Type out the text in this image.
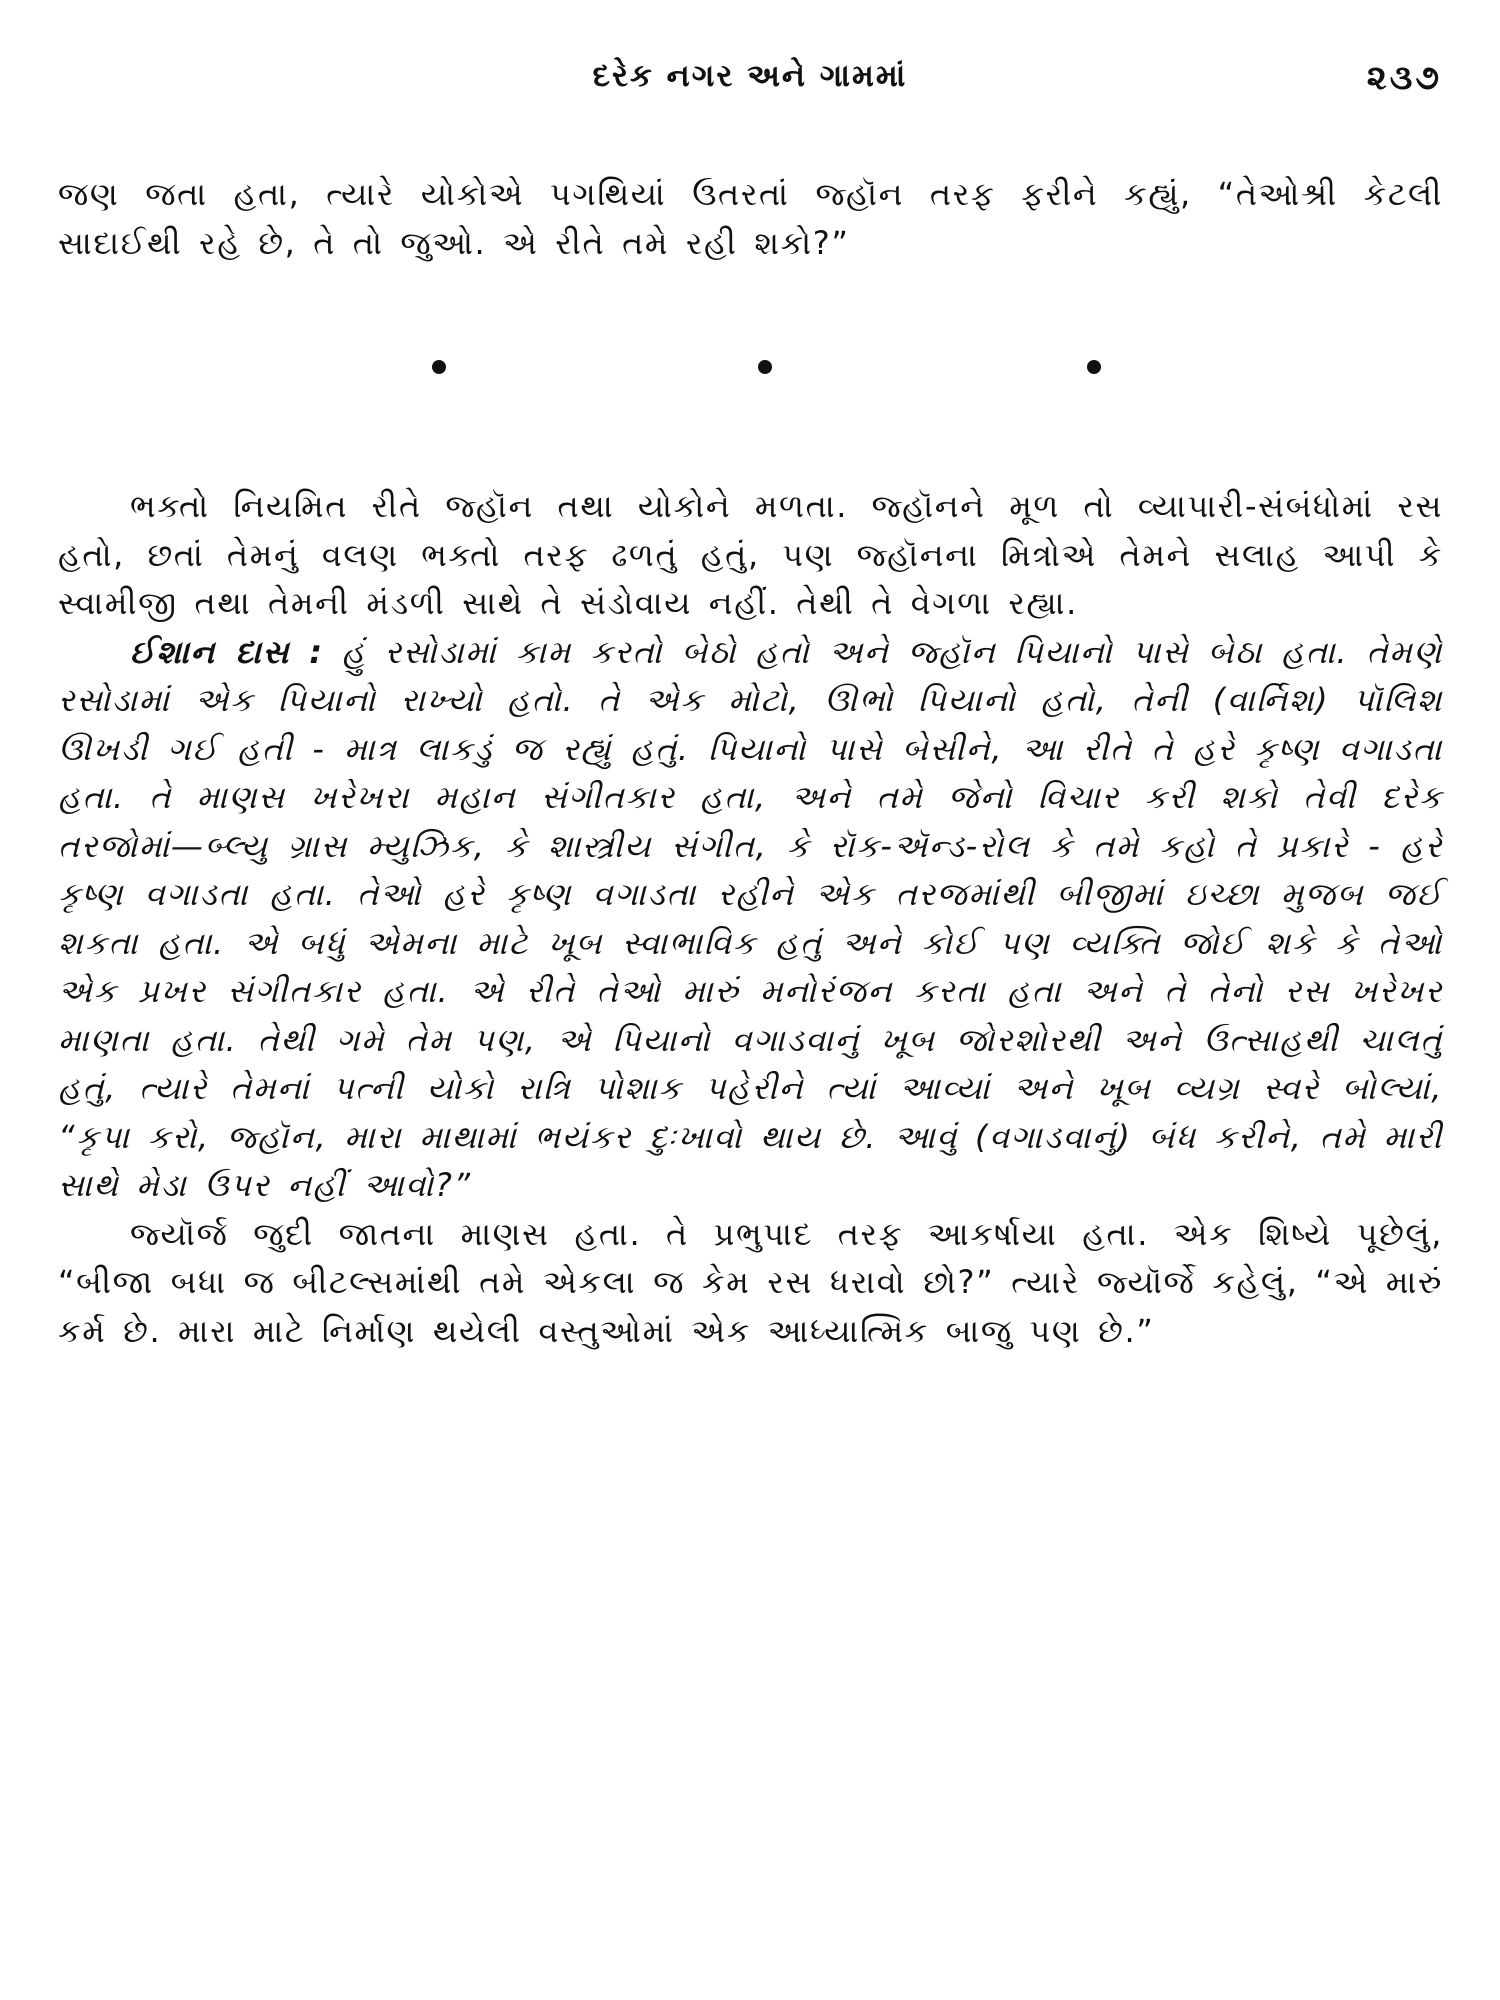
દરેક નગર અને ગામમાં	૨૩૭

જણ જતા હતા, ત્યારે યોકોએ પગથિયાં ઉતરતાં જ્હૉન તરફ ફરીને કહ્યું, “તેઓશ્રી કેટલી સાદાઈથી રહે છે, તે તો જુઓ. એ રીતે તમે રહી શકો?”

ભક્તો નિયમિત રીતે જ્હૉન તથા યોકોને મળતા. જ્હૉનને મૂળ તો વ્યાપારી-સંબંધોમાં રસ હતો, છતાં તેમનું વલણ ભક્તો તરફ ઢળતું હતું, પણ જ્હૉનના મિત્રોએ તેમને સલાહ આપી કે સ્વામીજી તથા તેમની મંડળી સાથે તે સંડોવાય નહીં. તેથી તે વેગળા રહ્યા.

ઈશાન દાસ : હું રસોડામાં કામ કરતો બેઠો હતો અને જ્હૉન પિયાનો પાસે બેઠા હતા. તેમણે રસોડામાં એક પિયાનો રાખ્યો હતો. તે એક મોટો, ઊભો પિયાનો હતો, તેની (વાર્નિશ) પૉલિશ ઊખડી ગઈ હતી - માત્ર લાકડું જ રહ્યું હતું. પિયાનો પાસે બેસીને, આ રીતે તે હરે કૃષ્ણ વગાડતા હતા. તે માણસ ખરેખરા મહાન સંગીતકાર હતા, અને તમે જેનો વિચાર કરી શકો તેવી દરેક તરજોમાં—બ્લ્યુ ગ્રાસ મ્યુઝિક, કે શાસ્ત્રીય સંગીત, કે રૉક-ઍન્ડ-રોલ કે તમે કહો તે પ્રકારે - હરે કૃષ્ણ વગાડતા હતા. તેઓ હરે કૃષ્ણ વગાડતા રહીને એક તરજમાંથી બીજીમાં ઇચ્છા મુજબ જઈ શકતા હતા. એ બધું એમના માટે ખૂબ સ્વાભાવિક હતું અને કોઈ પણ વ્યક્તિ જોઈ શકે કે તેઓ એક પ્રખર સંગીતકાર હતા. એ રીતે તેઓ મારું મનોરંજન કરતા હતા અને તે તેનો રસ ખરેખર માણતા હતા. તેથી ગમે તેમ પણ, એ પિયાનો વગાડવાનું ખૂબ જોરશોરથી અને ઉત્સાહથી ચાલતું હતું, ત્યારે તેમનાં પત્ની યોકો રાત્રિ પોશાક પહેરીને ત્યાં આવ્યાં અને ખૂબ વ્યગ્ર સ્વરે બોલ્યાં, “કૃપા કરો, જ્હૉન, મારા માથામાં ભયંકર દુઃખાવો થાય છે. આવું (વગાડવાનું) બંધ કરીને, તમે મારી સાથે મેડા ઉપર નહીં આવો?”

જ્યૉર્જ જુદી જાતના માણસ હતા. તે પ્રભુપાદ તરફ આકર્ષાયા હતા. એક શિષ્યે પૂછેલું, “બીજા બધા જ બીટલ્સમાંથી તમે એકલા જ કેમ રસ ધરાવો છો?” ત્યારે જ્યૉર્જે કહેલું, “એ મારું કર્મ છે. મારા માટે નિર્માણ થયેલી વસ્તુઓમાં એક આધ્યાત્મિક બાજુ પણ છે.”
